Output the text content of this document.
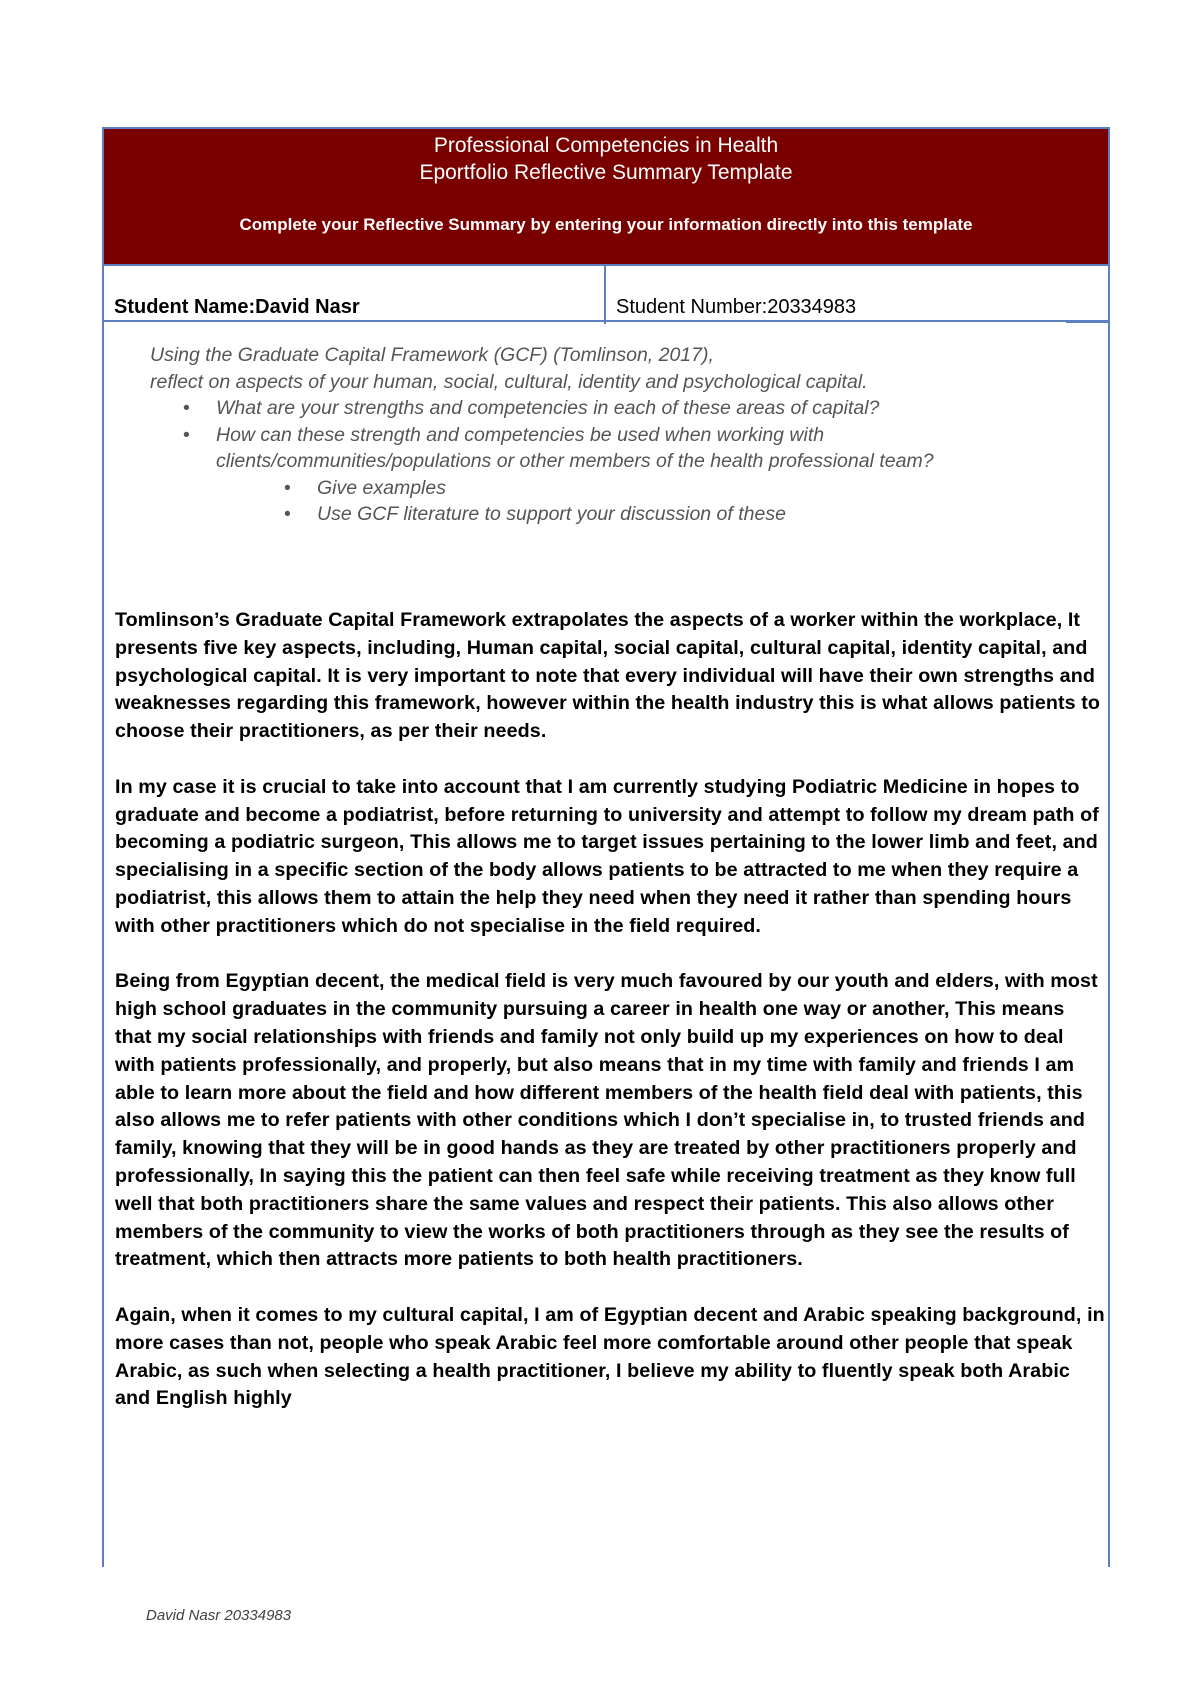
Professional Competencies in Health
Eportfolio Reflective Summary Template
Complete your Reflective Summary by entering your information directly into this template
Student Name:David Nasr	Student Number:20334983
Using the Graduate Capital Framework (GCF) (Tomlinson, 2017),
reflect on aspects of your human, social, cultural, identity and psychological capital.
• What are your strengths and competencies in each of these areas of capital?
• How can these strength and competencies be used when working with clients/communities/populations or other members of the health professional team?
• Give examples
• Use GCF literature to support your discussion of these

Tomlinson’s Graduate Capital Framework extrapolates the aspects of a worker within the workplace, It presents five key aspects, including, Human capital, social capital, cultural capital, identity capital, and psychological capital. It is very important to note that every individual will have their own strengths and weaknesses regarding this framework, however within the health industry this is what allows patients to choose their practitioners, as per their needs.

In my case it is crucial to take into account that I am currently studying Podiatric Medicine in hopes to graduate and become a podiatrist, before returning to university and attempt to follow my dream path of becoming a podiatric surgeon, This allows me to target issues pertaining to the lower limb and feet, and specialising in a specific section of the body allows patients to be attracted to me when they require a podiatrist, this allows them to attain the help they need when they need it rather than spending hours with other practitioners which do not specialise in the field required.

Being from Egyptian decent, the medical field is very much favoured by our youth and elders, with most high school graduates in the community pursuing a career in health one way or another, This means that my social relationships with friends and family not only build up my experiences on how to deal with patients professionally, and properly, but also means that in my time with family and friends I am able to learn more about the field and how different members of the health field deal with patients, this also allows me to refer patients with other conditions which I don’t specialise in, to trusted friends and family, knowing that they will be in good hands as they are treated by other practitioners properly and professionally, In saying this the patient can then feel safe while receiving treatment as they know full well that both practitioners share the same values and respect their patients. This also allows other members of the community to view the works of both practitioners through as they see the results of treatment, which then attracts more patients to both health practitioners.

Again, when it comes to my cultural capital, I am of Egyptian decent and Arabic speaking background, in more cases than not, people who speak Arabic feel more comfortable around other people that speak Arabic, as such when selecting a health practitioner, I believe my ability to fluently speak both Arabic and English highly

David Nasr 20334983
